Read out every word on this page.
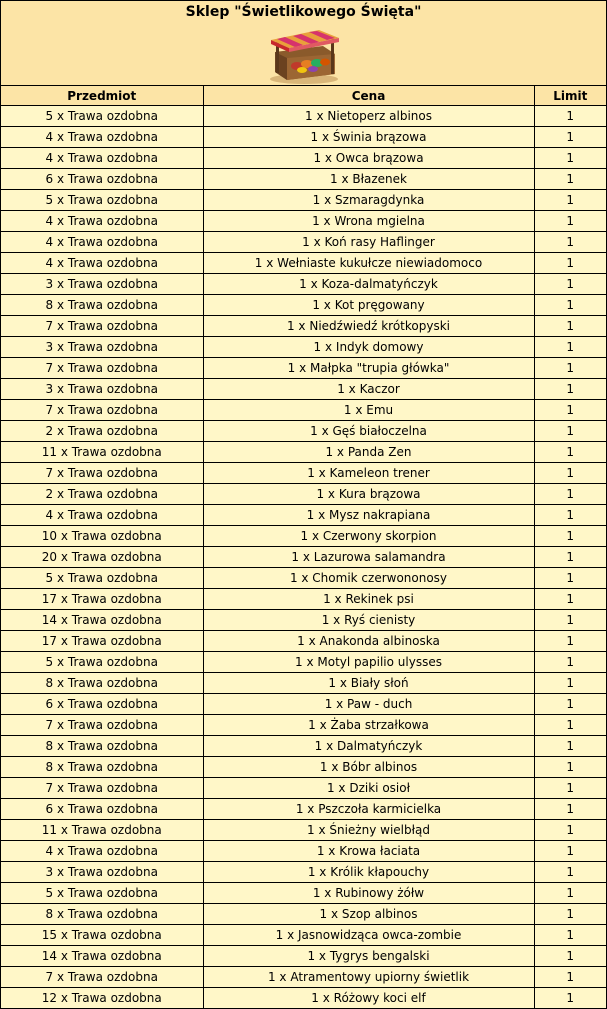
Sklep "Świetlikowego Święta"
Przedmiot	Cena	Limit
5 x Trawa ozdobna	1 x Nietoperz albinos	1
4 x Trawa ozdobna	1 x Świnia brązowa	1
4 x Trawa ozdobna	1 x Owca brązowa	1
6 x Trawa ozdobna	1 x Błazenek	1
5 x Trawa ozdobna	1 x Szmaragdynka	1
4 x Trawa ozdobna	1 x Wrona mgielna	1
4 x Trawa ozdobna	1 x Koń rasy Haflinger	1
4 x Trawa ozdobna	1 x Wełniaste kukułcze niewiadomoco	1
3 x Trawa ozdobna	1 x Koza-dalmatyńczyk	1
8 x Trawa ozdobna	1 x Kot pręgowany	1
7 x Trawa ozdobna	1 x Niedźwiedź krótkopyski	1
3 x Trawa ozdobna	1 x Indyk domowy	1
7 x Trawa ozdobna	1 x Małpka "trupia główka"	1
3 x Trawa ozdobna	1 x Kaczor	1
7 x Trawa ozdobna	1 x Emu	1
2 x Trawa ozdobna	1 x Gęś białoczelna	1
11 x Trawa ozdobna	1 x Panda Zen	1
7 x Trawa ozdobna	1 x Kameleon trener	1
2 x Trawa ozdobna	1 x Kura brązowa	1
4 x Trawa ozdobna	1 x Mysz nakrapiana	1
10 x Trawa ozdobna	1 x Czerwony skorpion	1
20 x Trawa ozdobna	1 x Lazurowa salamandra	1
5 x Trawa ozdobna	1 x Chomik czerwononosy	1
17 x Trawa ozdobna	1 x Rekinek psi	1
14 x Trawa ozdobna	1 x Ryś cienisty	1
17 x Trawa ozdobna	1 x Anakonda albinoska	1
5 x Trawa ozdobna	1 x Motyl papilio ulysses	1
8 x Trawa ozdobna	1 x Biały słoń	1
6 x Trawa ozdobna	1 x Paw - duch	1
7 x Trawa ozdobna	1 x Żaba strzałkowa	1
8 x Trawa ozdobna	1 x Dalmatyńczyk	1
8 x Trawa ozdobna	1 x Bóbr albinos	1
7 x Trawa ozdobna	1 x Dziki osioł	1
6 x Trawa ozdobna	1 x Pszczoła karmicielka	1
11 x Trawa ozdobna	1 x Śnieżny wielbłąd	1
4 x Trawa ozdobna	1 x Krowa łaciata	1
3 x Trawa ozdobna	1 x Królik kłapouchy	1
5 x Trawa ozdobna	1 x Rubinowy żółw	1
8 x Trawa ozdobna	1 x Szop albinos	1
15 x Trawa ozdobna	1 x Jasnowidząca owca-zombie	1
14 x Trawa ozdobna	1 x Tygrys bengalski	1
7 x Trawa ozdobna	1 x Atramentowy upiorny świetlik	1
12 x Trawa ozdobna	1 x Różowy koci elf	1
